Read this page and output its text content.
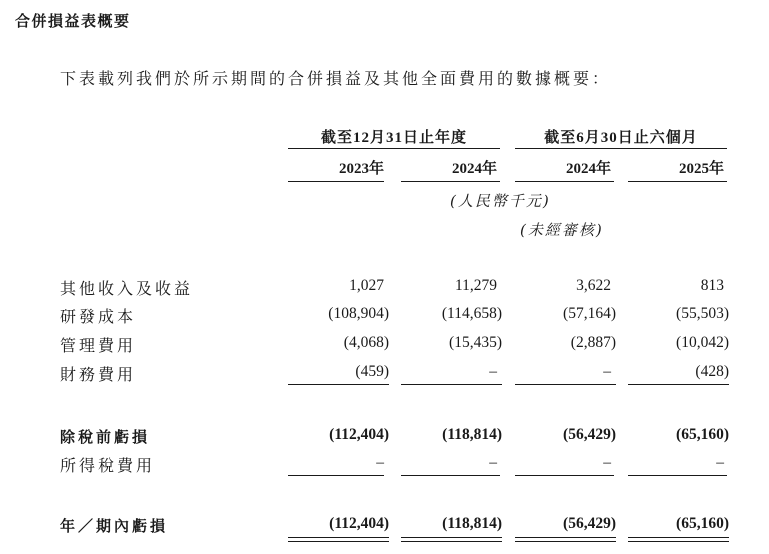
合併損益表概要
下表載列我們於所示期間的合併損益及其他全面費用的數據概要：
截至12月31日止年度	截至6月30日止六個月
2023年	2024年	2024年	2025年
(人民幣千元)
(未經審核)
其他收入及收益	1,027	11,279	3,622	813
研發成本	(108,904)	(114,658)	(57,164)	(55,503)
管理費用	(4,068)	(15,435)	(2,887)	(10,042)
財務費用	(459)	–	–	(428)
除稅前虧損	(112,404)	(118,814)	(56,429)	(65,160)
所得稅費用	–	–	–	–
年／期內虧損	(112,404)	(118,814)	(56,429)	(65,160)
